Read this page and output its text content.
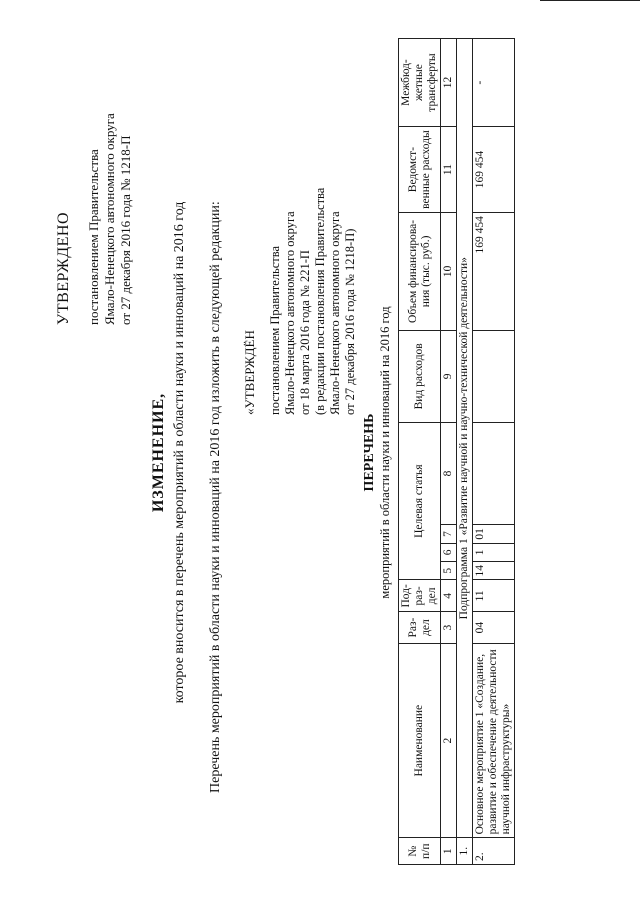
УТВЕРЖДЕНО постановлением Правительства Ямало-Ненецкого автономного округа от 27 декабря 2016 года № 1218-П
ИЗМЕНЕНИЕ, которое вносится в перечень мероприятий в области науки и инноваций на 2016 год Перечень мероприятий в области науки и инноваций на 2016 год изложить в следующей редакции: «УТВЕРЖДЁН постановлением Правительства Ямало-Ненецкого автономного округа от 18 марта 2016 года № 221-П (в редакции постановления Правительства Ямало-Ненецкого автономного округа от 27 декабря 2016 года № 1218-П)
ПЕРЕЧЕНЬ мероприятий в области науки и инноваций на 2016 год
№ п/п	Наименование	Раз-дел	Под-раз-дел	Целевая статья				Вид расходов	Объем финансирова-ния (тыс. руб.)	Ведомст-венные расходы	Межбюд-жетные трансферты
1	2	3	4	5	6	7	8	9	10	11	12
1.	Подпрограмма 1 «Развитие научной и научно-технической деятельности»										
2.	Основное мероприятие 1 «Создание, развитие и обеспечение деятельности научной инфраструктуры»	04	11	14	1	01			169 454	169 454	-
